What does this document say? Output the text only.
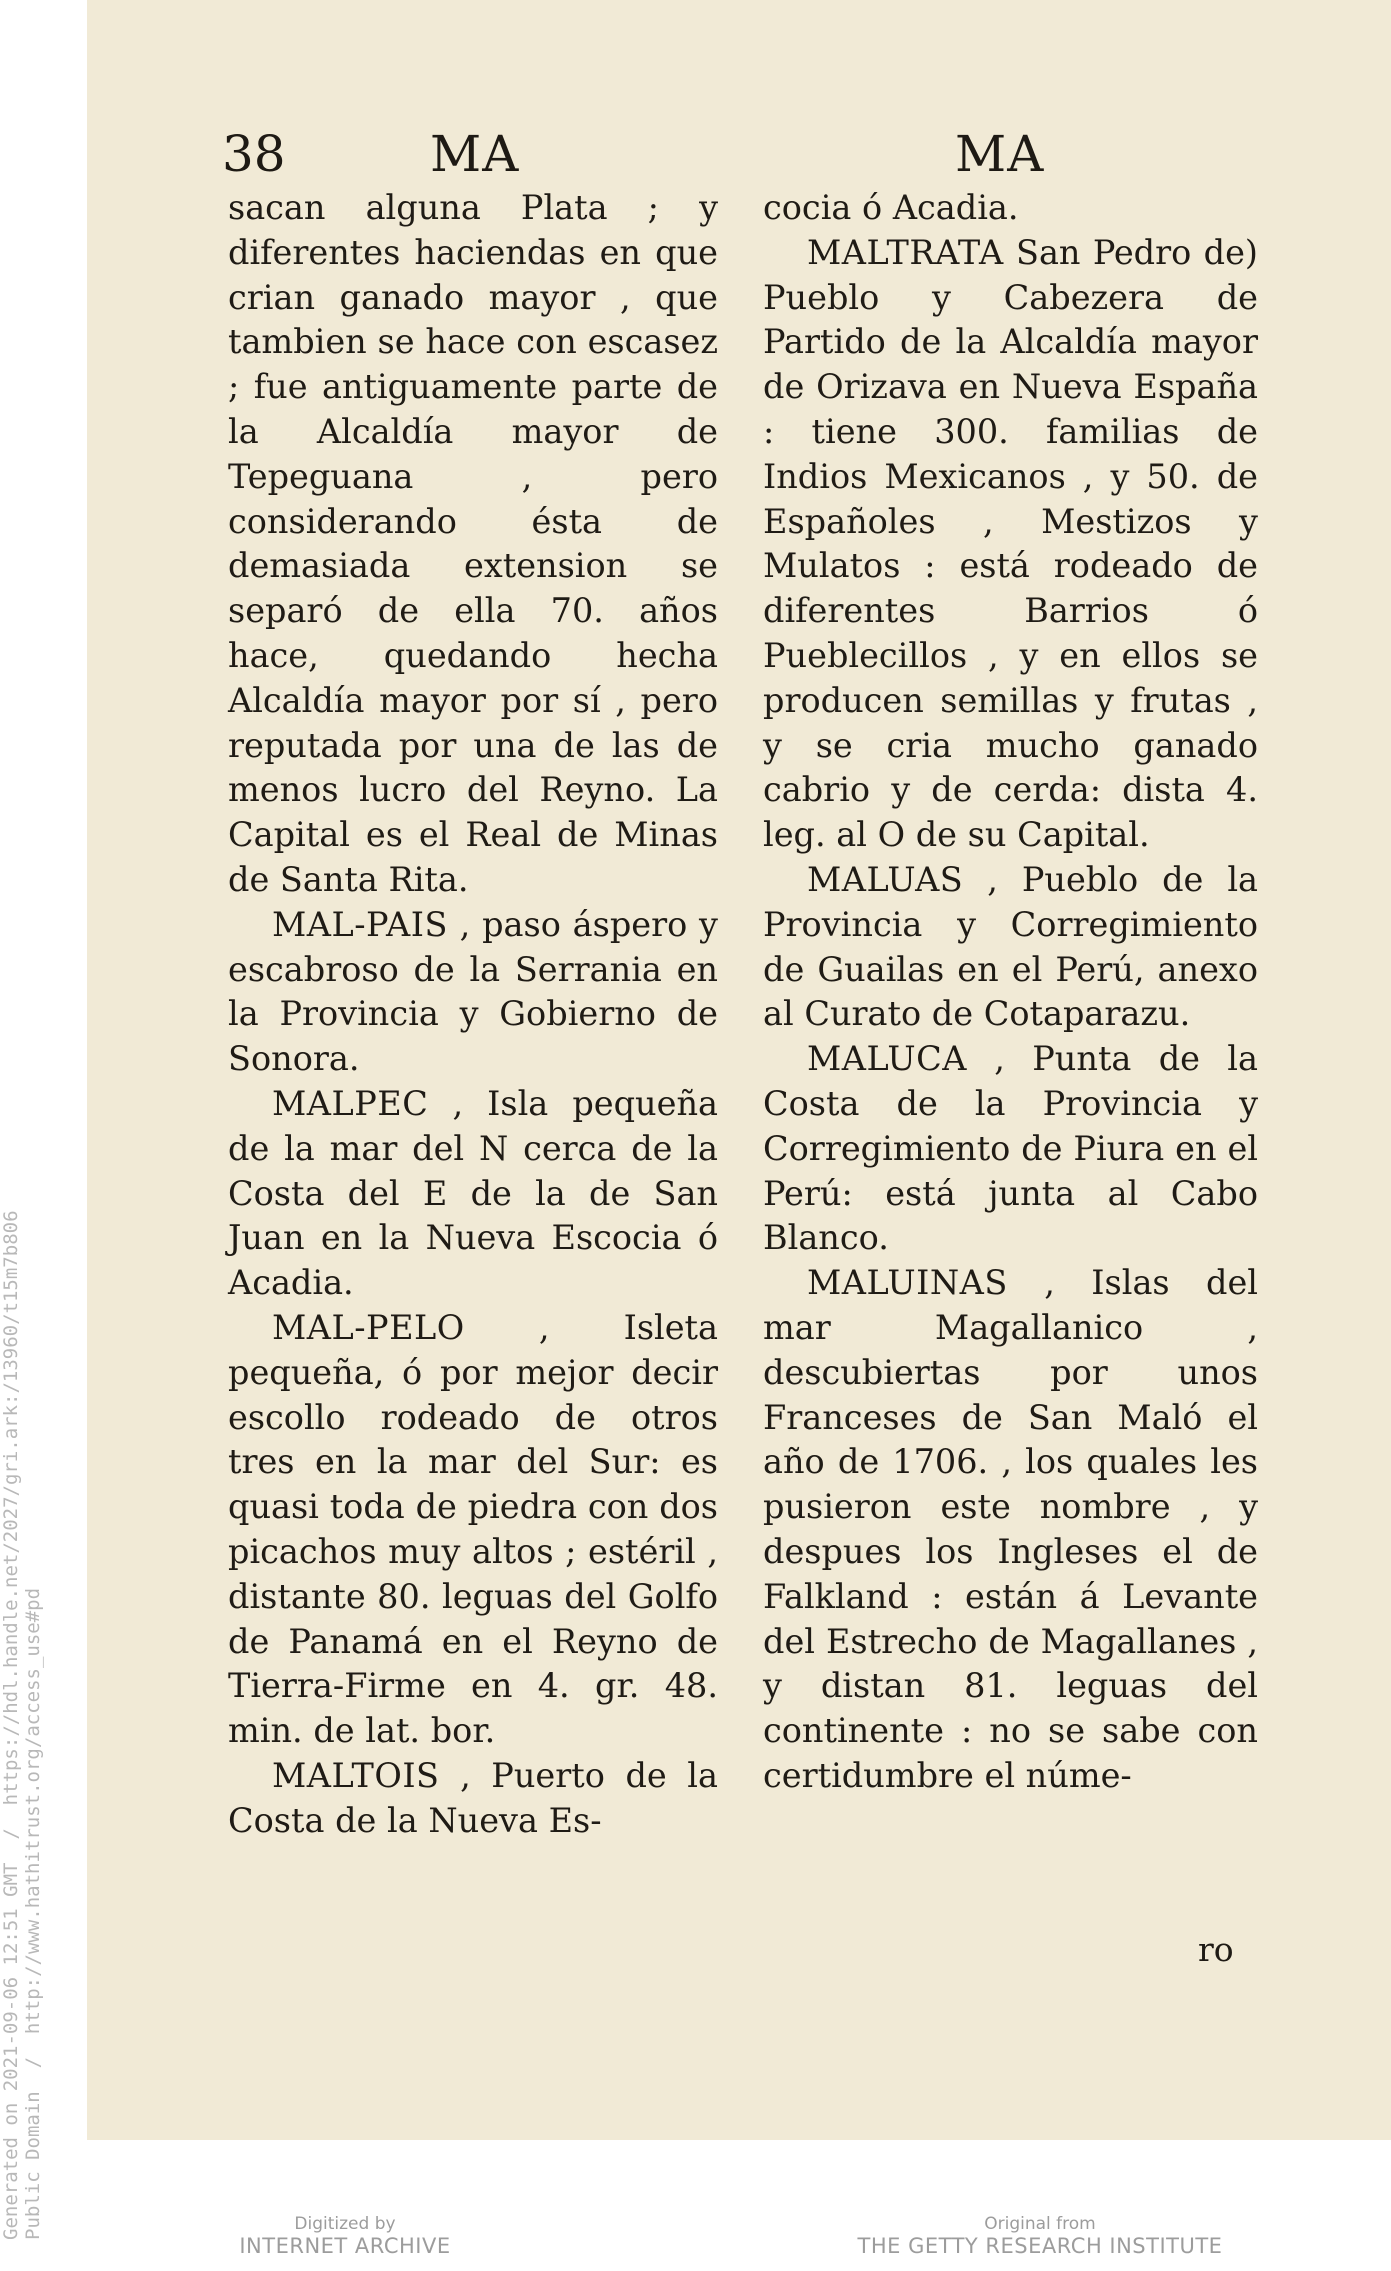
38	MA	MA

sacan alguna Plata ; y diferentes haciendas en que crian ganado mayor , que tambien se hace con escasez ; fue antiguamente parte de la Alcaldía mayor de Tepeguana , pero considerando ésta de demasiada extension se separó de ella 70. años hace, quedando hecha Alcaldía mayor por sí , pero reputada por una de las de menos lucro del Reyno. La Capital es el Real de Minas de Santa Rita.

MAL-PAIS , paso áspero y escabroso de la Serrania en la Provincia y Gobierno de Sonora.

MALPEC , Isla pequeña de la mar del N cerca de la Costa del E de la de San Juan en la Nueva Escocia ó Acadia.

MAL-PELO , Isleta pequeña, ó por mejor decir escollo rodeado de otros tres en la mar del Sur: es quasi toda de piedra con dos picachos muy altos ; estéril , distante 80. leguas del Golfo de Panamá en el Reyno de Tierra-Firme en 4. gr. 48. min. de lat. bor.

MALTOIS , Puerto de la Costa de la Nueva Es-

cocia ó Acadia.

MALTRATA San Pedro de) Pueblo y Cabezera de Partido de la Alcaldía mayor de Orizava en Nueva España : tiene 300. familias de Indios Mexicanos , y 50. de Españoles , Mestizos y Mulatos : está rodeado de diferentes Barrios ó Pueblecillos , y en ellos se producen semillas y frutas , y se cria mucho ganado cabrio y de cerda: dista 4. leg. al O de su Capital.

MALUAS , Pueblo de la Provincia y Corregimiento de Guailas en el Perú, anexo al Curato de Cotaparazu.

MALUCA , Punta de la Costa de la Provincia y Corregimiento de Piura en el Perú: está junta al Cabo Blanco.

MALUINAS , Islas del mar Magallanico , descubiertas por unos Franceses de San Maló el año de 1706. , los quales les pusieron este nombre , y despues los Ingleses el de Falkland : están á Levante del Estrecho de Magallanes , y distan 81. leguas del continente : no se sabe con certidumbre el núme-

ro
Generated on 2021-09-06 12:51 GMT  /  https://hdl.handle.net/2027/gri.ark:/13960/t15m7b806
Public Domain  /  http://www.hathitrust.org/access_use#pd	Digitized by
INTERNET ARCHIVE
Original from
THE GETTY RESEARCH INSTITUTE
